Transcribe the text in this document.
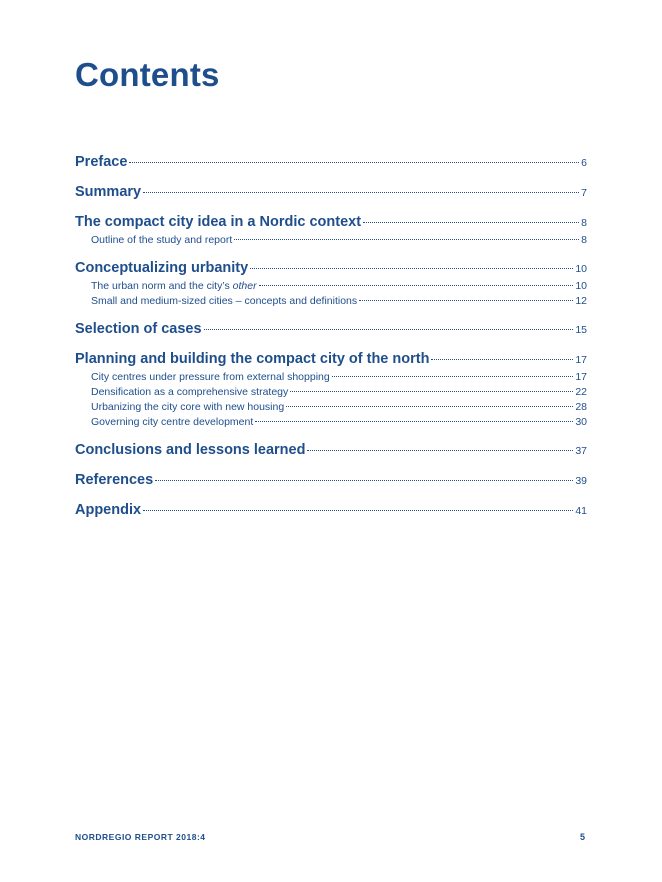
Contents
Preface	6
Summary	7
The compact city idea in a Nordic context	8
Outline of the study and report	8
Conceptualizing urbanity	10
The urban norm and the city’s other	10
Small and medium-sized cities – concepts and definitions	12
Selection of cases	15
Planning and building the compact city of the north	17
City centres under pressure from external shopping	17
Densification as a comprehensive strategy	22
Urbanizing the city core with new housing	28
Governing city centre development	30
Conclusions and lessons learned	37
References	39
Appendix	41
NORDREGIO REPORT 2018:4	5
